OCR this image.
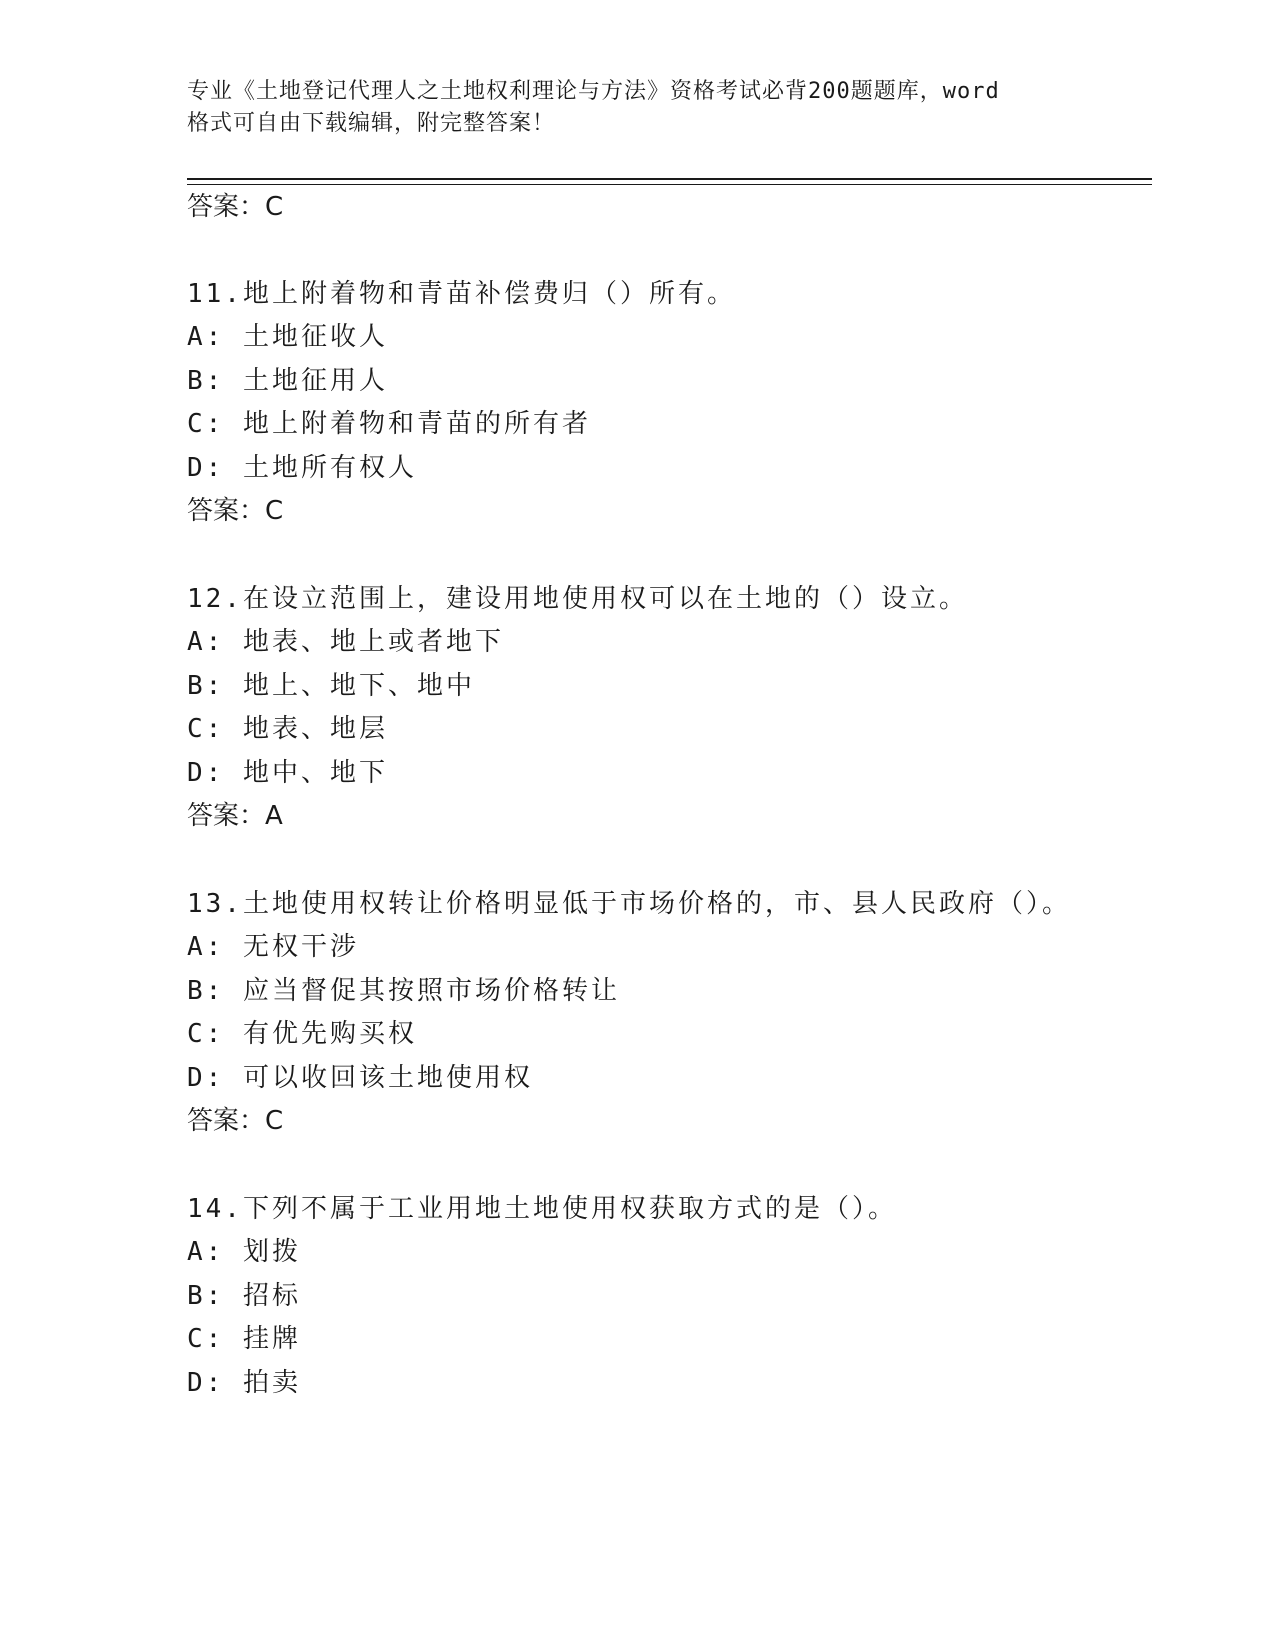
专业《土地登记代理人之土地权利理论与方法》资格考试必背200题题库，word
格式可自由下载编辑，附完整答案！
答案：C
11.地上附着物和青苗补偿费归（）所有。
A: 土地征收人
B: 土地征用人
C: 地上附着物和青苗的所有者
D: 土地所有权人
答案：C
12.在设立范围上，建设用地使用权可以在土地的（）设立。
A: 地表、地上或者地下
B: 地上、地下、地中
C: 地表、地层
D: 地中、地下
答案：A
13.土地使用权转让价格明显低于市场价格的，市、县人民政府（）。
A: 无权干涉
B: 应当督促其按照市场价格转让
C: 有优先购买权
D: 可以收回该土地使用权
答案：C
14.下列不属于工业用地土地使用权获取方式的是（）。
A: 划拨
B: 招标
C: 挂牌
D: 拍卖
